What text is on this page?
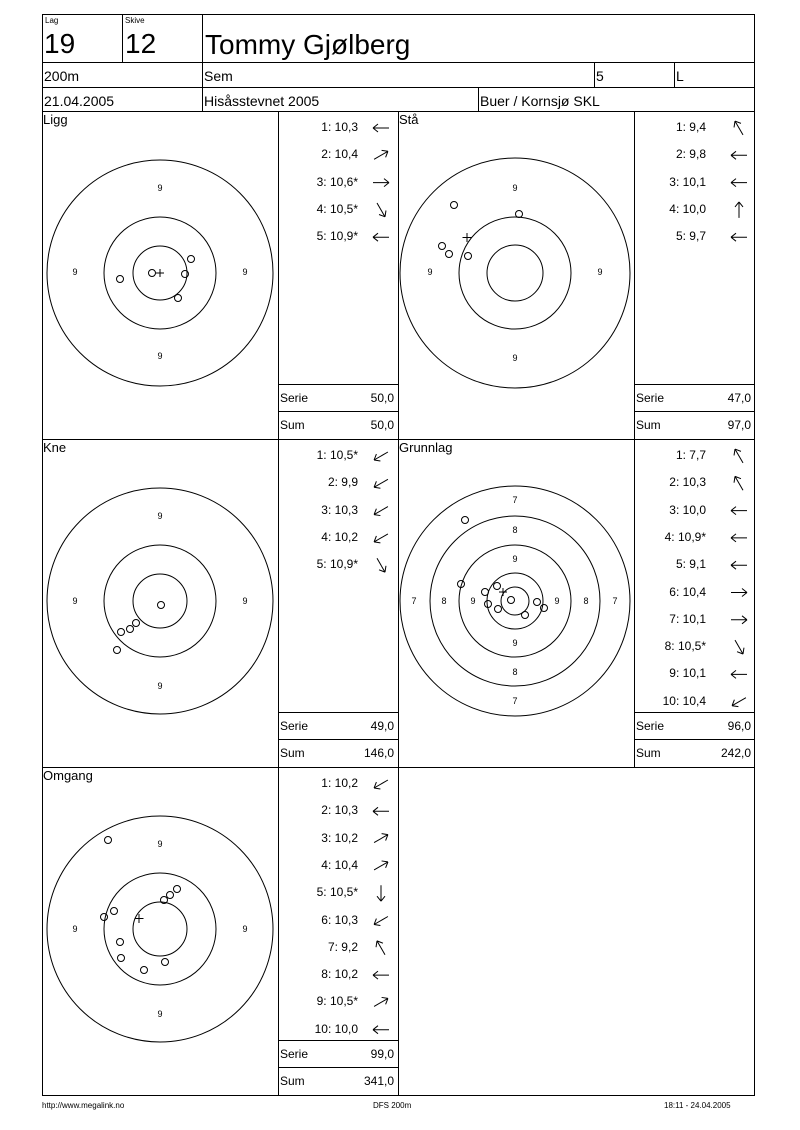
Lag
19
Skive
12 Tommy Gjølberg
200m	Sem	5	L
21.04.2005	Hisåsstevnet 2005	Buer / Kornsjø SKL
Ligg	Stå
Kne	Grunnlag
Omgang
9
9	9
9
1: 10,3
2: 10,4
3: 10,6*
4: 10,5*
5: 10,9*
Serie	50,0
Sum	50,0
9
9	9
9
1: 9,4
2: 9,8
3: 10,1
4: 10,0
5: 9,7
Serie	47,0
Sum	97,0
9
9	9
9
1: 10,5*
2: 9,9
3: 10,3
4: 10,2
5: 10,9*
Serie	49,0
Sum	146,0
7
8
9
9
8
7	9	8	7
7
8
9
1: 7,7
2: 10,3
3: 10,0
4: 10,9*
5: 9,1
6: 10,4
7: 10,1
8: 10,5*
9: 10,1
10: 10,4
Serie	96,0
Sum	242,0
9
9	9
9
1: 10,2
2: 10,3
3: 10,2
4: 10,4
5: 10,5*
6: 10,3
7: 9,2
8: 10,2
9: 10,5*
10: 10,0
Serie	99,0
Sum	341,0
http://www.megalink.no	DFS 200m	18:11 - 24.04.2005
